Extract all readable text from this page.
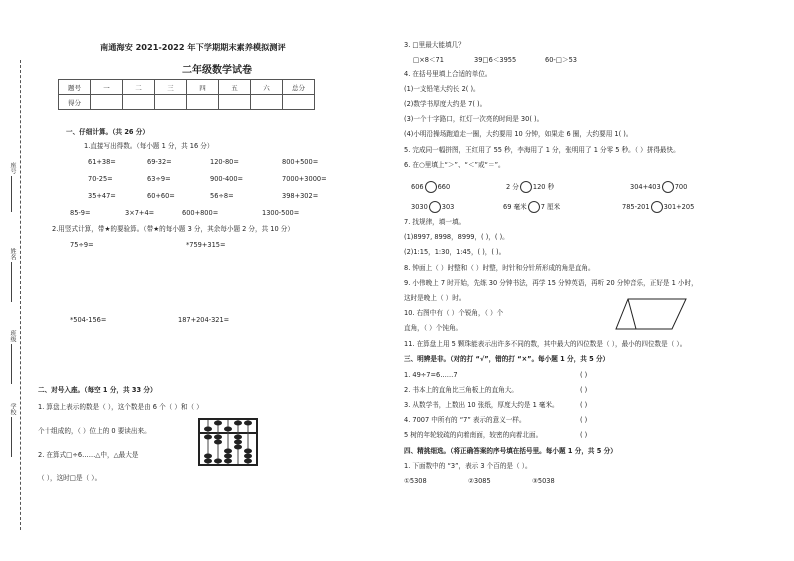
座号
姓名
班级
学校
南通海安 2021-2022 年下学期期末素养模拟测评
二年级数学试卷
题号	一	二	三	四	五	六	总分
得分							
一、仔细计算。（共 26 分）
1.直接写出得数。（每小题 1 分，共 16 分）
61+38=	69-32=	120-80=	800+500=
70-25=	63÷9=	900-400=	7000+3000=
35+47=	60+60=	56÷8=	398+302=
85-9=	3×7+4=	600+800=	1300-500=
2.用竖式计算，带★的要验算。（带★的每小题 3 分，其余每小题 2 分，共 10 分）
75÷9=	*759+315=
*504-156=	187+204-321=
二、对号入座。（每空 1 分，共 33 分）
1. 算盘上表示的数是（ ），这个数是由 6 个（ ）和（ ）
个十组成的，（ ）位上的 0 要读出来。
2. 在算式□÷6……△中，△最大是
（ ），这时□是（ ）。
3. □里最大能填几？
□×8＜71	39□6＜3955	60-□＞53
4. 在括号里填上合适的单位。
(1)一支铅笔大约长 2( )。
(2)数学书厚度大约是 7( )。
(3)一个十字路口，红灯一次亮的时间是 30( )。
(4)小明沿操场跑道走一圈，大约要用 10 分钟，如果走 6 圈，大约要用 1( )。
5. 完成同一幅拼图，王红用了 55 秒，李海用了 1 分，张明用了 1 分零 5 秒。（ ）拼得最快。
6. 在○里填上“＞”、“＜”或“＝”。
606 660	2 分 120 秒	304+403 700
3030 303	69 毫米 7 厘米	785-201 301+205
7. 找规律，填一填。
(1)8997, 8998，8999，( )，( )。
(2)1:15，1:30，1:45，( )，( )。
8. 钟面上（ ）时整和（ ）时整，时针和分针所形成的角是直角。
9. 小伟晚上 7 时开始，先练 30 分钟书法，再学 15 分钟英语，再听 20 分钟音乐，正好是 1 小时，
这时是晚上（ ）时。
10. 右图中有（ ）个锐角，（ ）个
直角，（ ）个钝角。
11. 在算盘上用 5 颗珠能表示出许多不同的数，其中最大的四位数是（ ），最小的四位数是（ ）。
三、明辨是非。（对的打 “√”，错的打 “×”。每小题 1 分，共 5 分）
1. 49÷7=6……7	( )
2. 书本上的直角比三角板上的直角大。	( )
3. 从数学书，上数出 10 张纸，厚度大约是 1 毫米。	( )
4. 7007 中所有的 “7” 表示的意义一样。	( )
5 树的年轮较疏的向着南面，较密的向着北面。	( )
四、精挑细选。（将正确答案的序号填在括号里。每小题 1 分，共 5 分）
1. 下面数中的 “3”，表示 3 个百的是（ ）。
①5308	②3085	③5038
